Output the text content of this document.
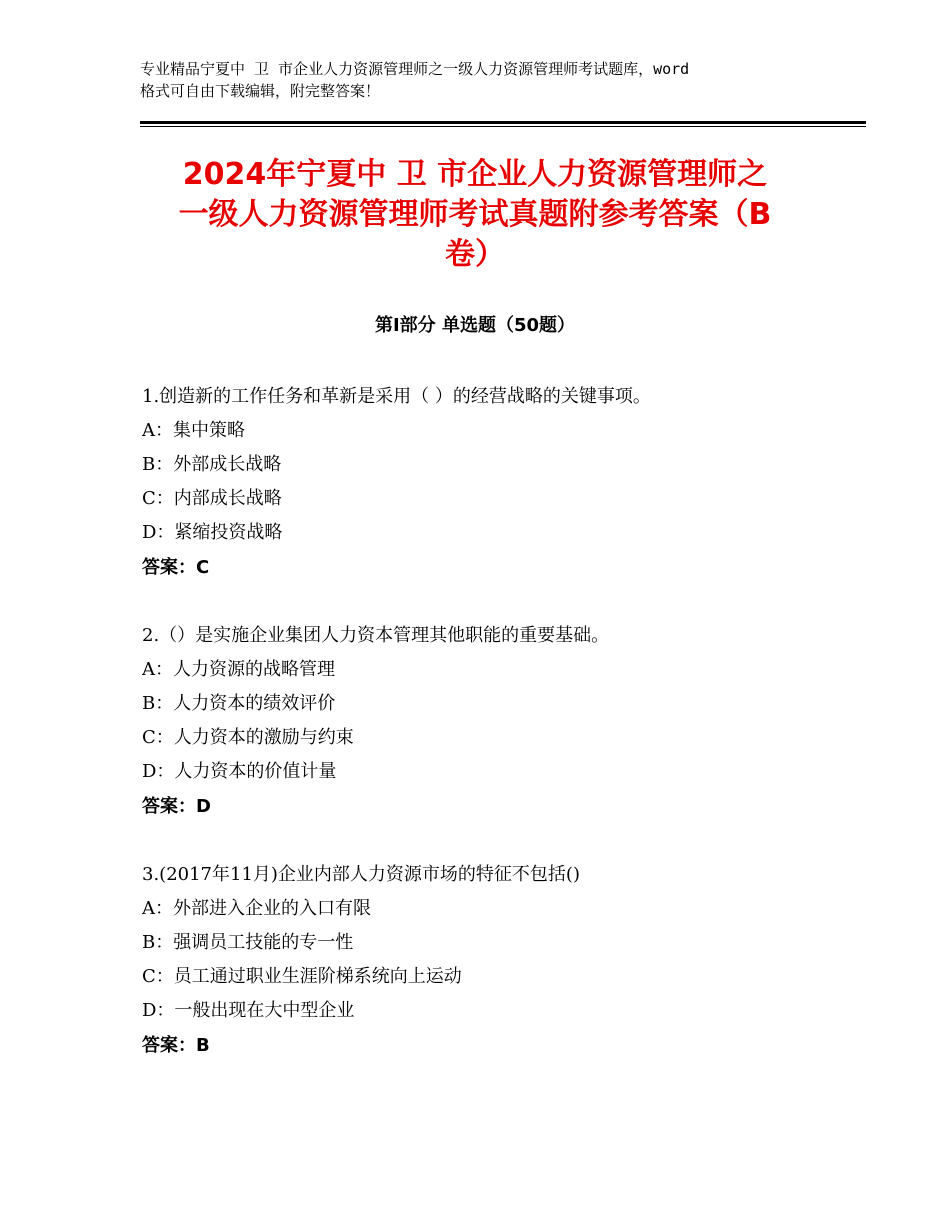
专业精品宁夏中 卫 市企业人力资源管理师之一级人力资源管理师考试题库，word
格式可自由下载编辑，附完整答案！
2024年宁夏中 卫 市企业人力资源管理师之
一级人力资源管理师考试真题附参考答案（B
卷）
第Ⅰ部分 单选题（50题）
1.创造新的工作任务和革新是采用（ ）的经营战略的关键事项。
A：集中策略
B：外部成长战略
C：内部成长战略
D：紧缩投资战略
答案：C
2.（）是实施企业集团人力资本管理其他职能的重要基础。
A：人力资源的战略管理
B：人力资本的绩效评价
C：人力资本的激励与约束
D：人力资本的价值计量
答案：D
3.(2017年11月)企业内部人力资源市场的特征不包括()
A：外部进入企业的入口有限
B：强调员工技能的专一性
C：员工通过职业生涯阶梯系统向上运动
D：一般出现在大中型企业
答案：B
